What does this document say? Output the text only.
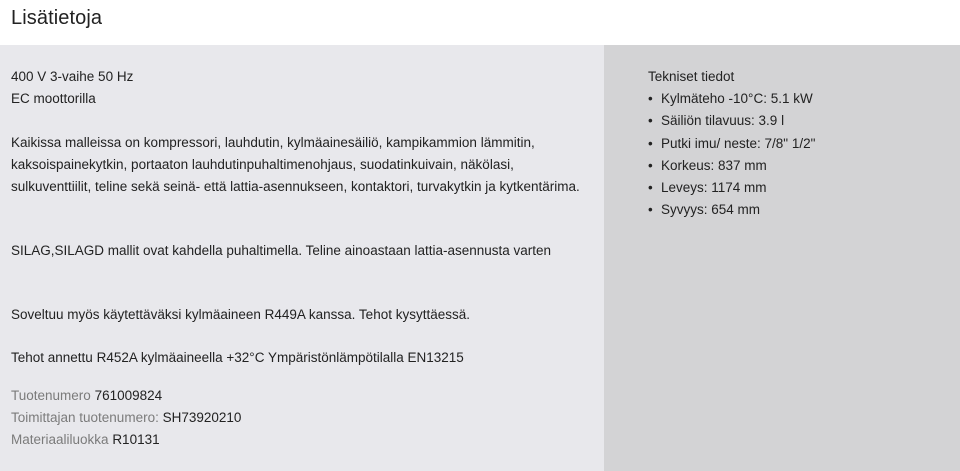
Lisätietoja

400 V 3-vaihe 50 Hz
EC moottorilla

Kaikissa malleissa on kompressori, lauhdutin, kylmäainesäiliö, kampikammion lämmitin, kaksoispainekytkin, portaaton lauhdutinpuhaltimenohjaus, suodatinkuivain, näkölasi, sulkuventtiilit, teline sekä seinä- että lattia-asennukseen, kontaktori, turvakytkin ja kytkentärima.

SILAG,SILAGD mallit ovat kahdella puhaltimella. Teline ainoastaan lattia-asennusta varten

Soveltuu myös käytettäväksi kylmäaineen R449A kanssa. Tehot kysyttäessä.

Tehot annettu R452A kylmäaineella +32°C Ympäristönlämpötilalla EN13215

Tuotenumero 761009824

Toimittajan tuotenumero: SH73920210

Materiaaliluokka R10131

Tekniset tiedot

• Kylmäteho -10°C: 5.1 kW
• Säiliön tilavuus: 3.9 l
• Putki imu/ neste: 7/8" 1/2"
• Korkeus: 837 mm
• Leveys: 1174 mm
• Syvyys: 654 mm
